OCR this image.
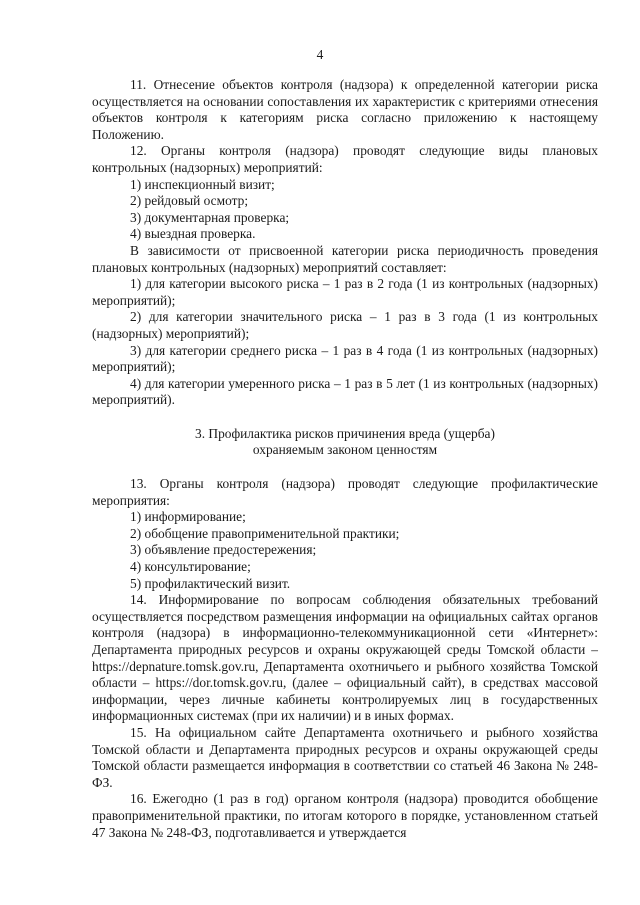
4

11. Отнесение объектов контроля (надзора) к определенной категории риска осуществляется на основании сопоставления их характеристик с критериями отнесения объектов контроля к категориям риска согласно приложению к настоящему Положению.

12. Органы контроля (надзора) проводят следующие виды плановых контрольных (надзорных) мероприятий:

1) инспекционный визит;

2) рейдовый осмотр;

3) документарная проверка;

4) выездная проверка.

В зависимости от присвоенной категории риска периодичность проведения плановых контрольных (надзорных) мероприятий составляет:

1) для категории высокого риска – 1 раз в 2 года (1 из контрольных (надзорных) мероприятий);

2) для категории значительного риска – 1 раз в 3 года (1 из контрольных (надзорных) мероприятий);

3) для категории среднего риска – 1 раз в 4 года (1 из контрольных (надзорных) мероприятий);

4) для категории умеренного риска – 1 раз в 5 лет (1 из контрольных (надзорных) мероприятий).

3. Профилактика рисков причинения вреда (ущерба)
охраняемым законом ценностям

13. Органы контроля (надзора) проводят следующие профилактические мероприятия:

1) информирование;

2) обобщение правоприменительной практики;

3) объявление предостережения;

4) консультирование;

5) профилактический визит.

14. Информирование по вопросам соблюдения обязательных требований осуществляется посредством размещения информации на официальных сайтах органов контроля (надзора) в информационно-телекоммуникационной сети «Интернет»: Департамента природных ресурсов и охраны окружающей среды Томской области – https://depnature.tomsk.gov.ru, Департамента охотничьего и рыбного хозяйства Томской области – https://dor.tomsk.gov.ru, (далее – официальный сайт), в средствах массовой информации, через личные кабинеты контролируемых лиц в государственных информационных системах (при их наличии) и в иных формах.

15. На официальном сайте Департамента охотничьего и рыбного хозяйства Томской области и Департамента природных ресурсов и охраны окружающей среды Томской области размещается информация в соответствии со статьей 46 Закона № 248-ФЗ.

16. Ежегодно (1 раз в год) органом контроля (надзора) проводится обобщение правоприменительной практики, по итогам которого в порядке, установленном статьей 47 Закона № 248-ФЗ, подготавливается и утверждается
